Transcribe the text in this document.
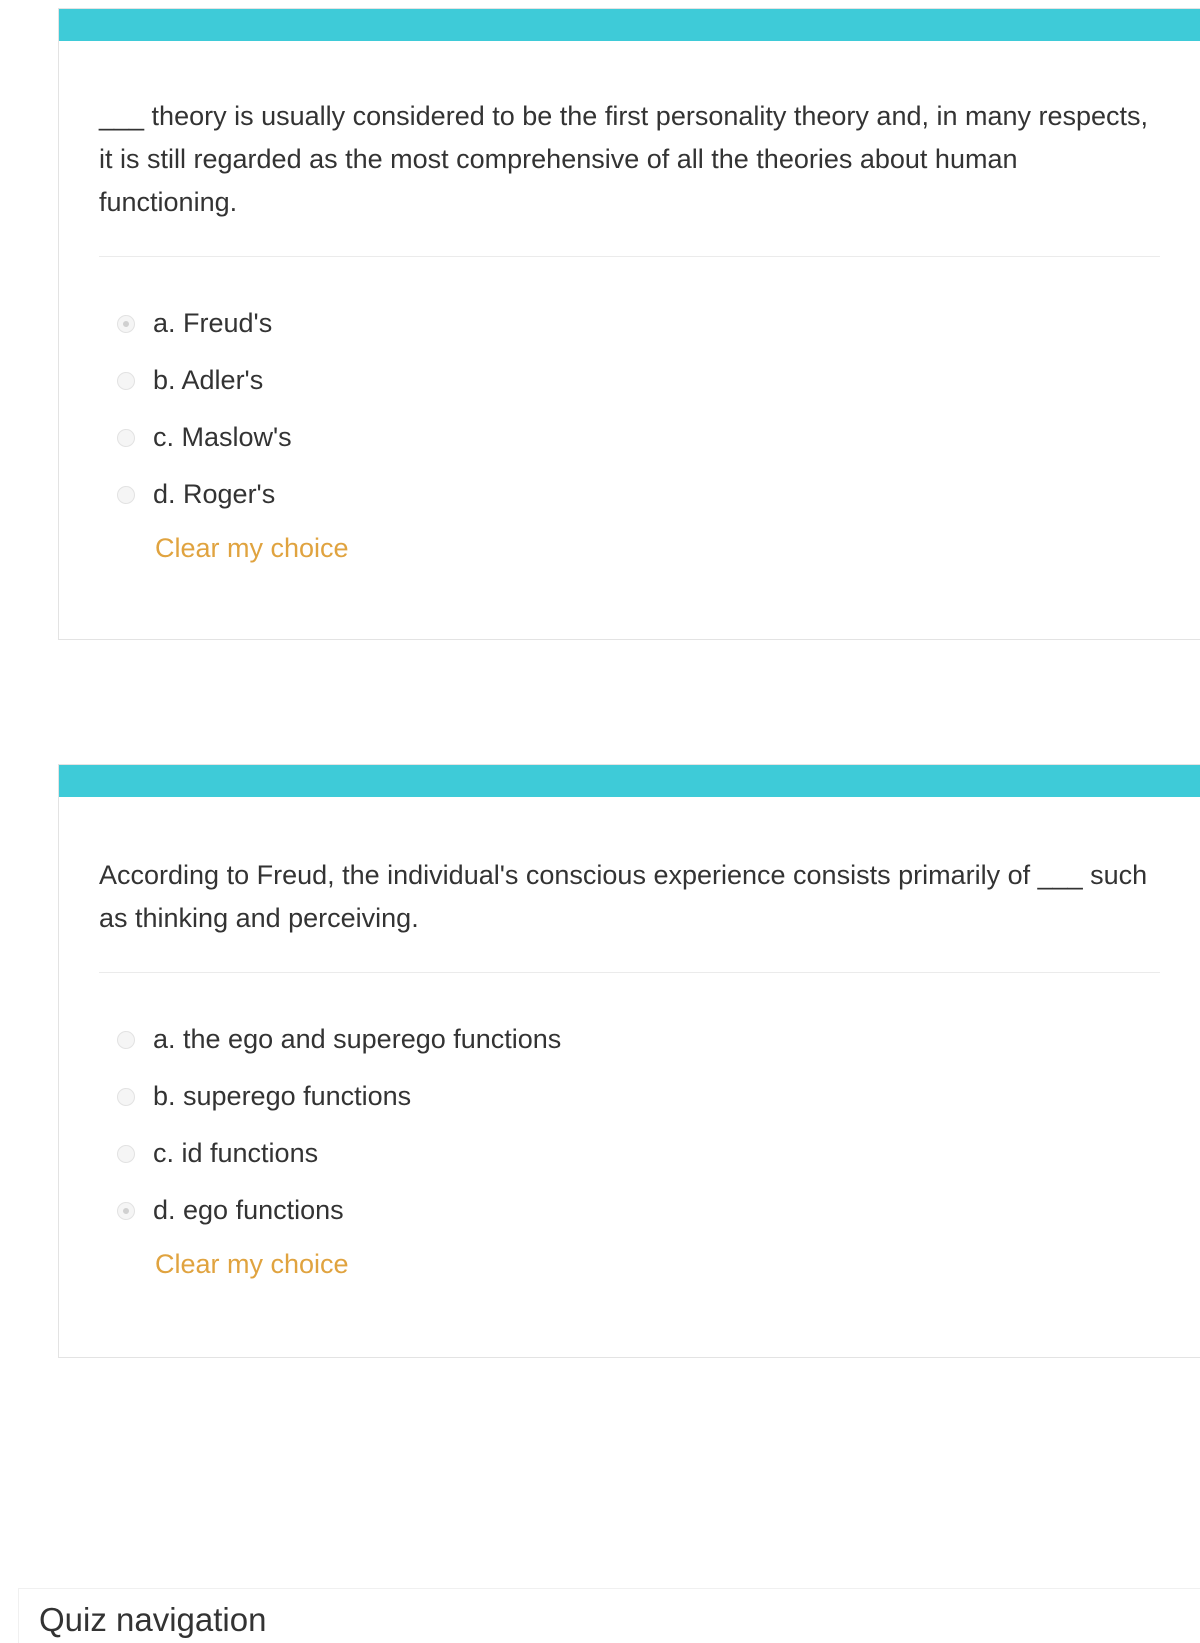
___ theory is usually considered to be the first personality theory and, in many respects, it is still regarded as the most comprehensive of all the theories about human functioning.
a. Freud's
b. Adler's
c. Maslow's
d. Roger's
Clear my choice
According to Freud, the individual's conscious experience consists primarily of ___ such as thinking and perceiving.
a. the ego and superego functions
b. superego functions
c. id functions
d. ego functions
Clear my choice
Quiz navigation
